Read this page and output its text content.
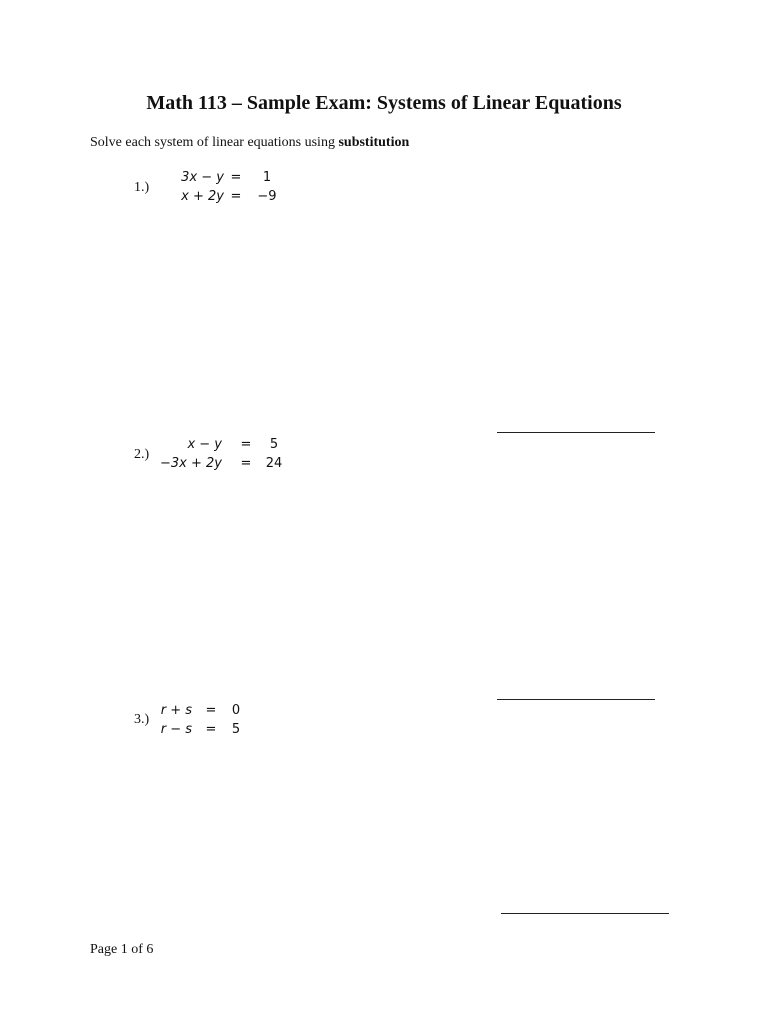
Math 113 – Sample Exam: Systems of Linear Equations
Solve each system of linear equations using substitution
1.)
3x − y =	1
x + 2y =	−9
2.)
x − y =	5
−3x + 2y =	24
3.)
r + s =	0
r − s =	5
Page 1 of 6
